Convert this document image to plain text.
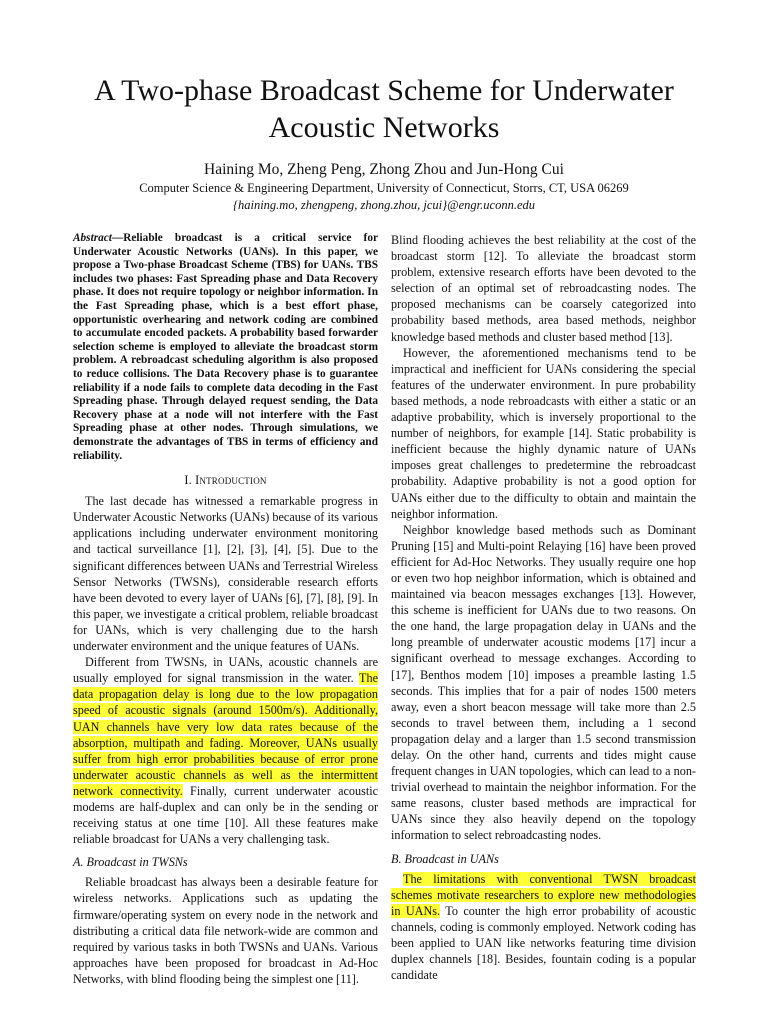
A Two-phase Broadcast Scheme for Underwater Acoustic Networks
Haining Mo, Zheng Peng, Zhong Zhou and Jun-Hong Cui
Computer Science & Engineering Department, University of Connecticut, Storrs, CT, USA 06269
{haining.mo, zhengpeng, zhong.zhou, jcui}@engr.uconn.edu

Abstract—Reliable broadcast is a critical service for Underwater Acoustic Networks (UANs). In this paper, we propose a Two-phase Broadcast Scheme (TBS) for UANs. TBS includes two phases: Fast Spreading phase and Data Recovery phase. It does not require topology or neighbor information. In the Fast Spreading phase, which is a best effort phase, opportunistic overhearing and network coding are combined to accumulate encoded packets. A probability based forwarder selection scheme is employed to alleviate the broadcast storm problem. A rebroadcast scheduling algorithm is also proposed to reduce collisions. The Data Recovery phase is to guarantee reliability if a node fails to complete data decoding in the Fast Spreading phase. Through delayed request sending, the Data Recovery phase at a node will not interfere with the Fast Spreading phase at other nodes. Through simulations, we demonstrate the advantages of TBS in terms of efficiency and reliability.

I. Introduction

The last decade has witnessed a remarkable progress in Underwater Acoustic Networks (UANs) because of its various applications including underwater environment monitoring and tactical surveillance [1], [2], [3], [4], [5]. Due to the significant differences between UANs and Terrestrial Wireless Sensor Networks (TWSNs), considerable research efforts have been devoted to every layer of UANs [6], [7], [8], [9]. In this paper, we investigate a critical problem, reliable broadcast for UANs, which is very challenging due to the harsh underwater environment and the unique features of UANs.

Different from TWSNs, in UANs, acoustic channels are usually employed for signal transmission in the water. The data propagation delay is long due to the low propagation speed of acoustic signals (around 1500m/s). Additionally, UAN channels have very low data rates because of the absorption, multipath and fading. Moreover, UANs usually suffer from high error probabilities because of error prone underwater acoustic channels as well as the intermittent network connectivity. Finally, current underwater acoustic modems are half-duplex and can only be in the sending or receiving status at one time [10]. All these features make reliable broadcast for UANs a very challenging task.

A. Broadcast in TWSNs

Reliable broadcast has always been a desirable feature for wireless networks. Applications such as updating the firmware/operating system on every node in the network and distributing a critical data file network-wide are common and required by various tasks in both TWSNs and UANs. Various approaches have been proposed for broadcast in Ad-Hoc Networks, with blind flooding being the simplest one [11].

Blind flooding achieves the best reliability at the cost of the broadcast storm [12]. To alleviate the broadcast storm problem, extensive research efforts have been devoted to the selection of an optimal set of rebroadcasting nodes. The proposed mechanisms can be coarsely categorized into probability based methods, area based methods, neighbor knowledge based methods and cluster based method [13].

However, the aforementioned mechanisms tend to be impractical and inefficient for UANs considering the special features of the underwater environment. In pure probability based methods, a node rebroadcasts with either a static or an adaptive probability, which is inversely proportional to the number of neighbors, for example [14]. Static probability is inefficient because the highly dynamic nature of UANs imposes great challenges to predetermine the rebroadcast probability. Adaptive probability is not a good option for UANs either due to the difficulty to obtain and maintain the neighbor information.

Neighbor knowledge based methods such as Dominant Pruning [15] and Multi-point Relaying [16] have been proved efficient for Ad-Hoc Networks. They usually require one hop or even two hop neighbor information, which is obtained and maintained via beacon messages exchanges [13]. However, this scheme is inefficient for UANs due to two reasons. On the one hand, the large propagation delay in UANs and the long preamble of underwater acoustic modems [17] incur a significant overhead to message exchanges. According to [17], Benthos modem [10] imposes a preamble lasting 1.5 seconds. This implies that for a pair of nodes 1500 meters away, even a short beacon message will take more than 2.5 seconds to travel between them, including a 1 second propagation delay and a larger than 1.5 second transmission delay. On the other hand, currents and tides might cause frequent changes in UAN topologies, which can lead to a non-trivial overhead to maintain the neighbor information. For the same reasons, cluster based methods are impractical for UANs since they also heavily depend on the topology information to select rebroadcasting nodes.

B. Broadcast in UANs

The limitations with conventional TWSN broadcast schemes motivate researchers to explore new methodologies in UANs. To counter the high error probability of acoustic channels, coding is commonly employed. Network coding has been applied to UAN like networks featuring time division duplex channels [18]. Besides, fountain coding is a popular candidate
